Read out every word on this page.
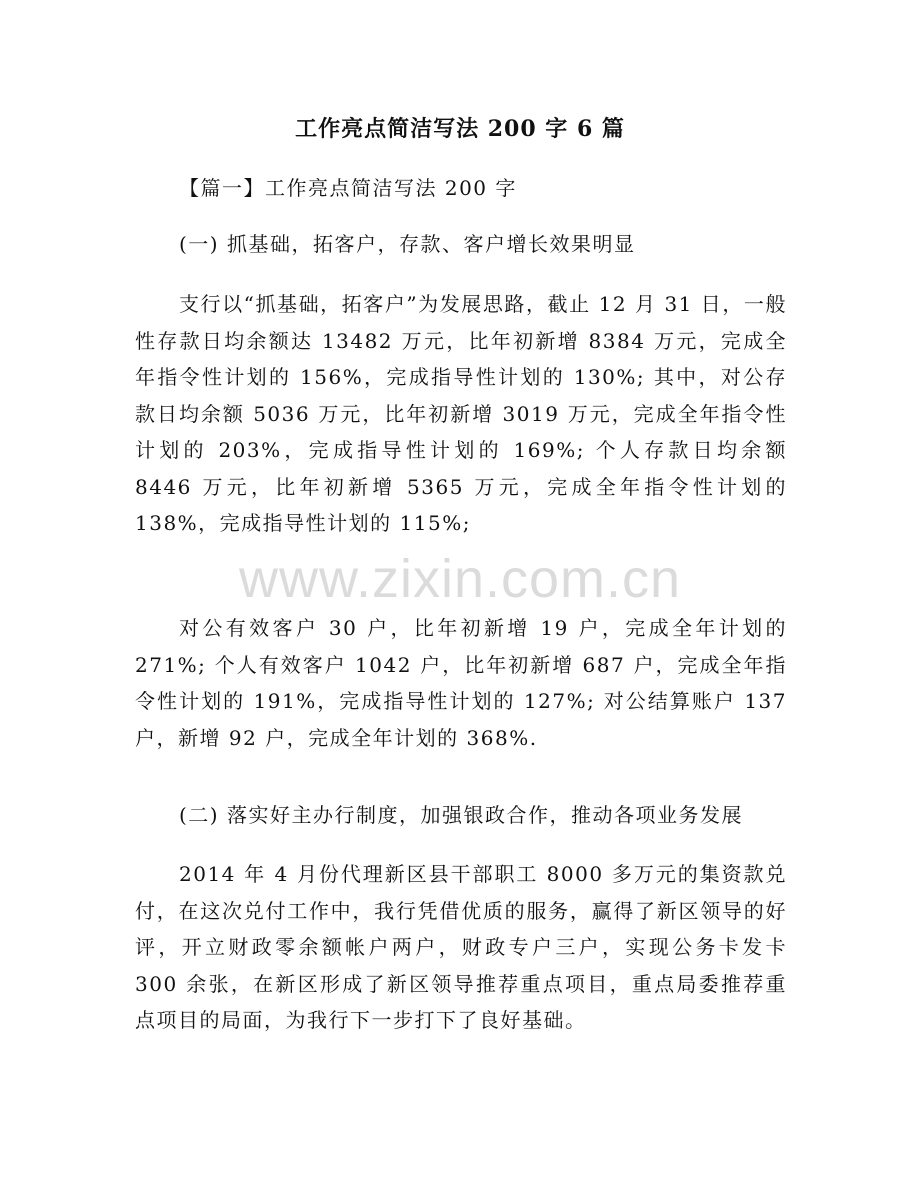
工作亮点简洁写法 200 字 6 篇
【篇一】工作亮点简洁写法 200 字
(一) 抓基础，拓客户，存款、客户增长效果明显
支行以“抓基础，拓客户”为发展思路，截止 12 月 31 日，一般性存款日均余额达 13482 万元，比年初新增 8384 万元，完成全年指令性计划的 156%，完成指导性计划的 130%; 其中，对公存款日均余额 5036 万元，比年初新增 3019 万元，完成全年指令性计划的 203%，完成指导性计划的 169%; 个人存款日均余额 8446 万元，比年初新增 5365 万元，完成全年指令性计划的 138%，完成指导性计划的 115%;
对公有效客户 30 户，比年初新增 19 户，完成全年计划的 271%; 个人有效客户 1042 户，比年初新增 687 户，完成全年指令性计划的 191%，完成指导性计划的 127%; 对公结算账户 137 户，新增 92 户，完成全年计划的 368%.
(二) 落实好主办行制度，加强银政合作，推动各项业务发展
2014 年 4 月份代理新区县干部职工 8000 多万元的集资款兑付，在这次兑付工作中，我行凭借优质的服务，赢得了新区领导的好评，开立财政零余额帐户两户，财政专户三户，实现公务卡发卡 300 余张，在新区形成了新区领导推荐重点项目，重点局委推荐重点项目的局面，为我行下一步打下了良好基础。
www.zixin.com.cn
